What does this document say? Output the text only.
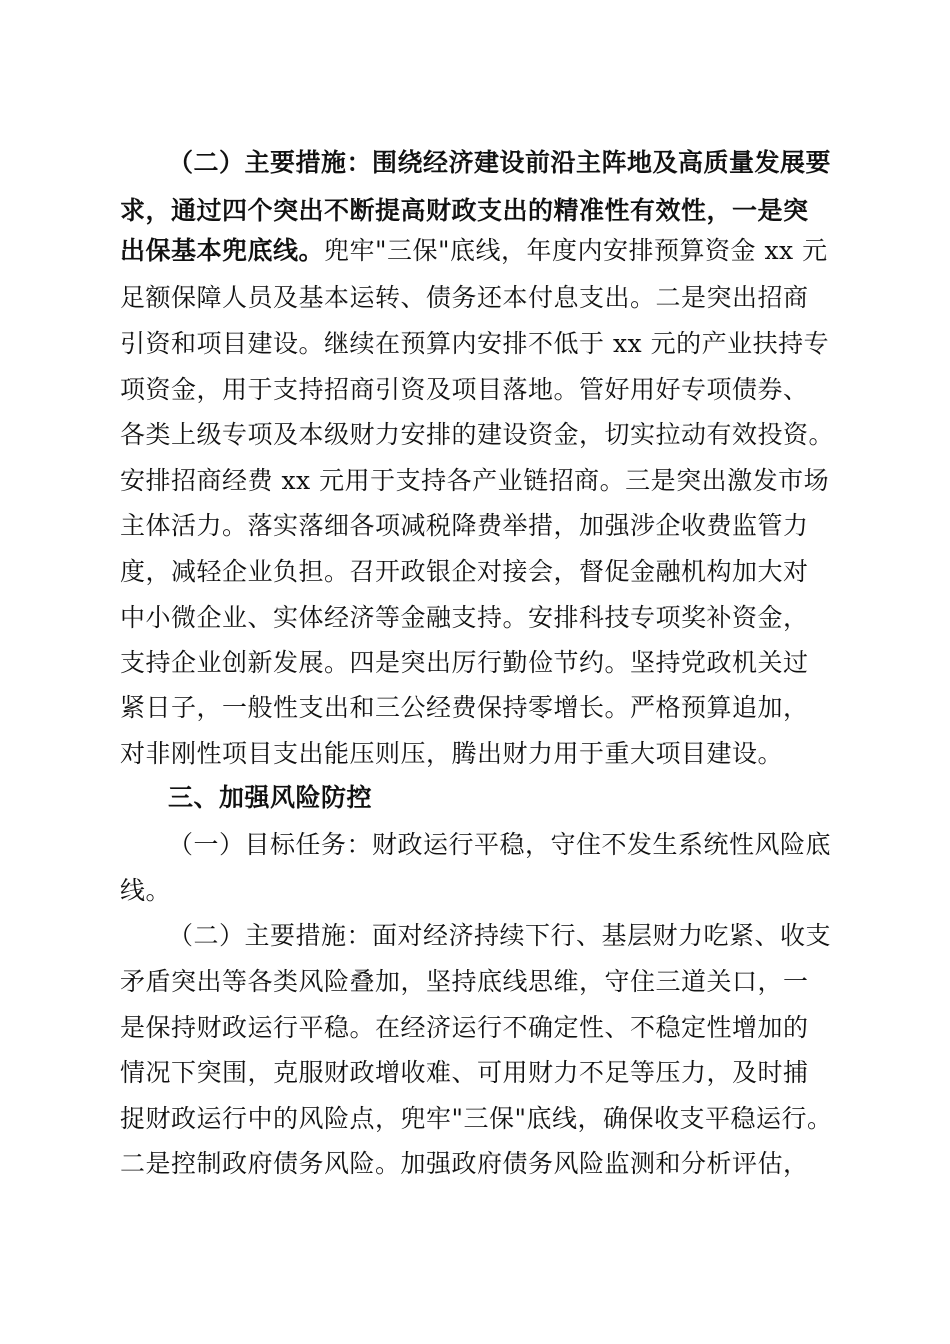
（二）主要措施：围绕经济建设前沿主阵地及高质量发展要
求，通过四个突出不断提高财政支出的精准性有效性，一是突
出保基本兜底线。兜牢"三保"底线，年度内安排预算资金 xx 元
足额保障人员及基本运转、债务还本付息支出。二是突出招商
引资和项目建设。继续在预算内安排不低于 xx 元的产业扶持专
项资金，用于支持招商引资及项目落地。管好用好专项债券、
各类上级专项及本级财力安排的建设资金，切实拉动有效投资。
安排招商经费 xx 元用于支持各产业链招商。三是突出激发市场
主体活力。落实落细各项减税降费举措，加强涉企收费监管力
度，减轻企业负担。召开政银企对接会，督促金融机构加大对
中小微企业、实体经济等金融支持。安排科技专项奖补资金，
支持企业创新发展。四是突出厉行勤俭节约。坚持党政机关过
紧日子，一般性支出和三公经费保持零增长。严格预算追加，
对非刚性项目支出能压则压，腾出财力用于重大项目建设。
三、加强风险防控
（一）目标任务：财政运行平稳，守住不发生系统性风险底
线。
（二）主要措施：面对经济持续下行、基层财力吃紧、收支
矛盾突出等各类风险叠加，坚持底线思维，守住三道关口，一
是保持财政运行平稳。在经济运行不确定性、不稳定性增加的
情况下突围，克服财政增收难、可用财力不足等压力，及时捕
捉财政运行中的风险点，兜牢"三保"底线，确保收支平稳运行。
二是控制政府债务风险。加强政府债务风险监测和分析评估，
